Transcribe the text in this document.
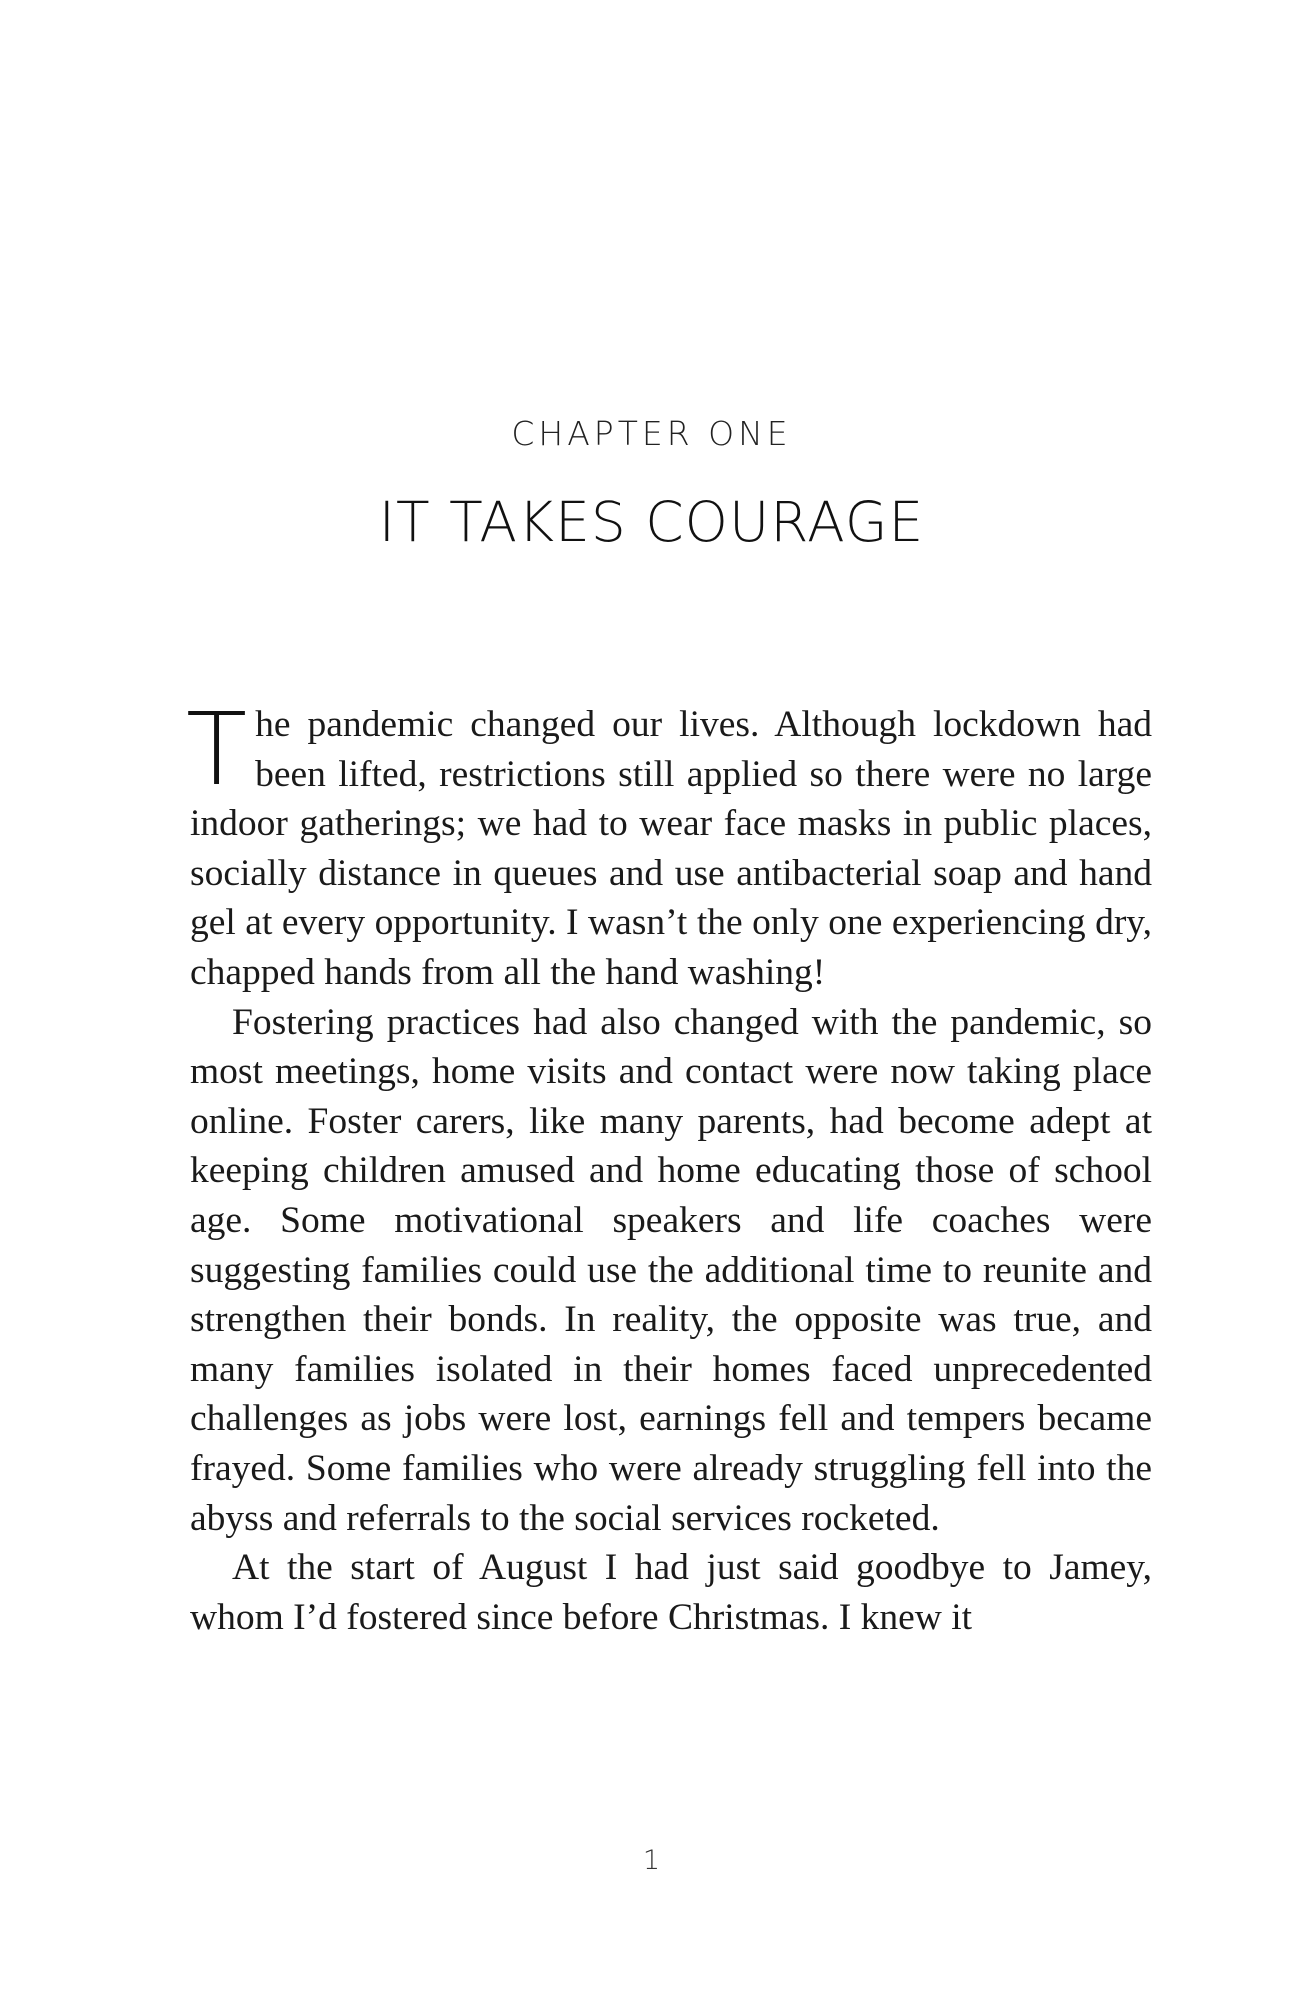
CHAPTER ONE
IT TAKES COURAGE

The pandemic changed our lives. Although lockdown had been lifted, restrictions still applied so there were no large indoor gatherings; we had to wear face masks in public places, socially distance in queues and use antibacterial soap and hand gel at every opportunity. I wasn’t the only one experiencing dry, chapped hands from all the hand washing!

Fostering practices had also changed with the pandemic, so most meetings, home visits and contact were now taking place online. Foster carers, like many parents, had become adept at keeping children amused and home educating those of school age. Some motivational speakers and life coaches were suggesting families could use the additional time to reunite and strengthen their bonds. In reality, the opposite was true, and many families isolated in their homes faced unprecedented challenges as jobs were lost, earnings fell and tempers became frayed. Some families who were already struggling fell into the abyss and referrals to the social services rocketed.

At the start of August I had just said goodbye to Jamey, whom I’d fostered since before Christmas. I knew it

1
